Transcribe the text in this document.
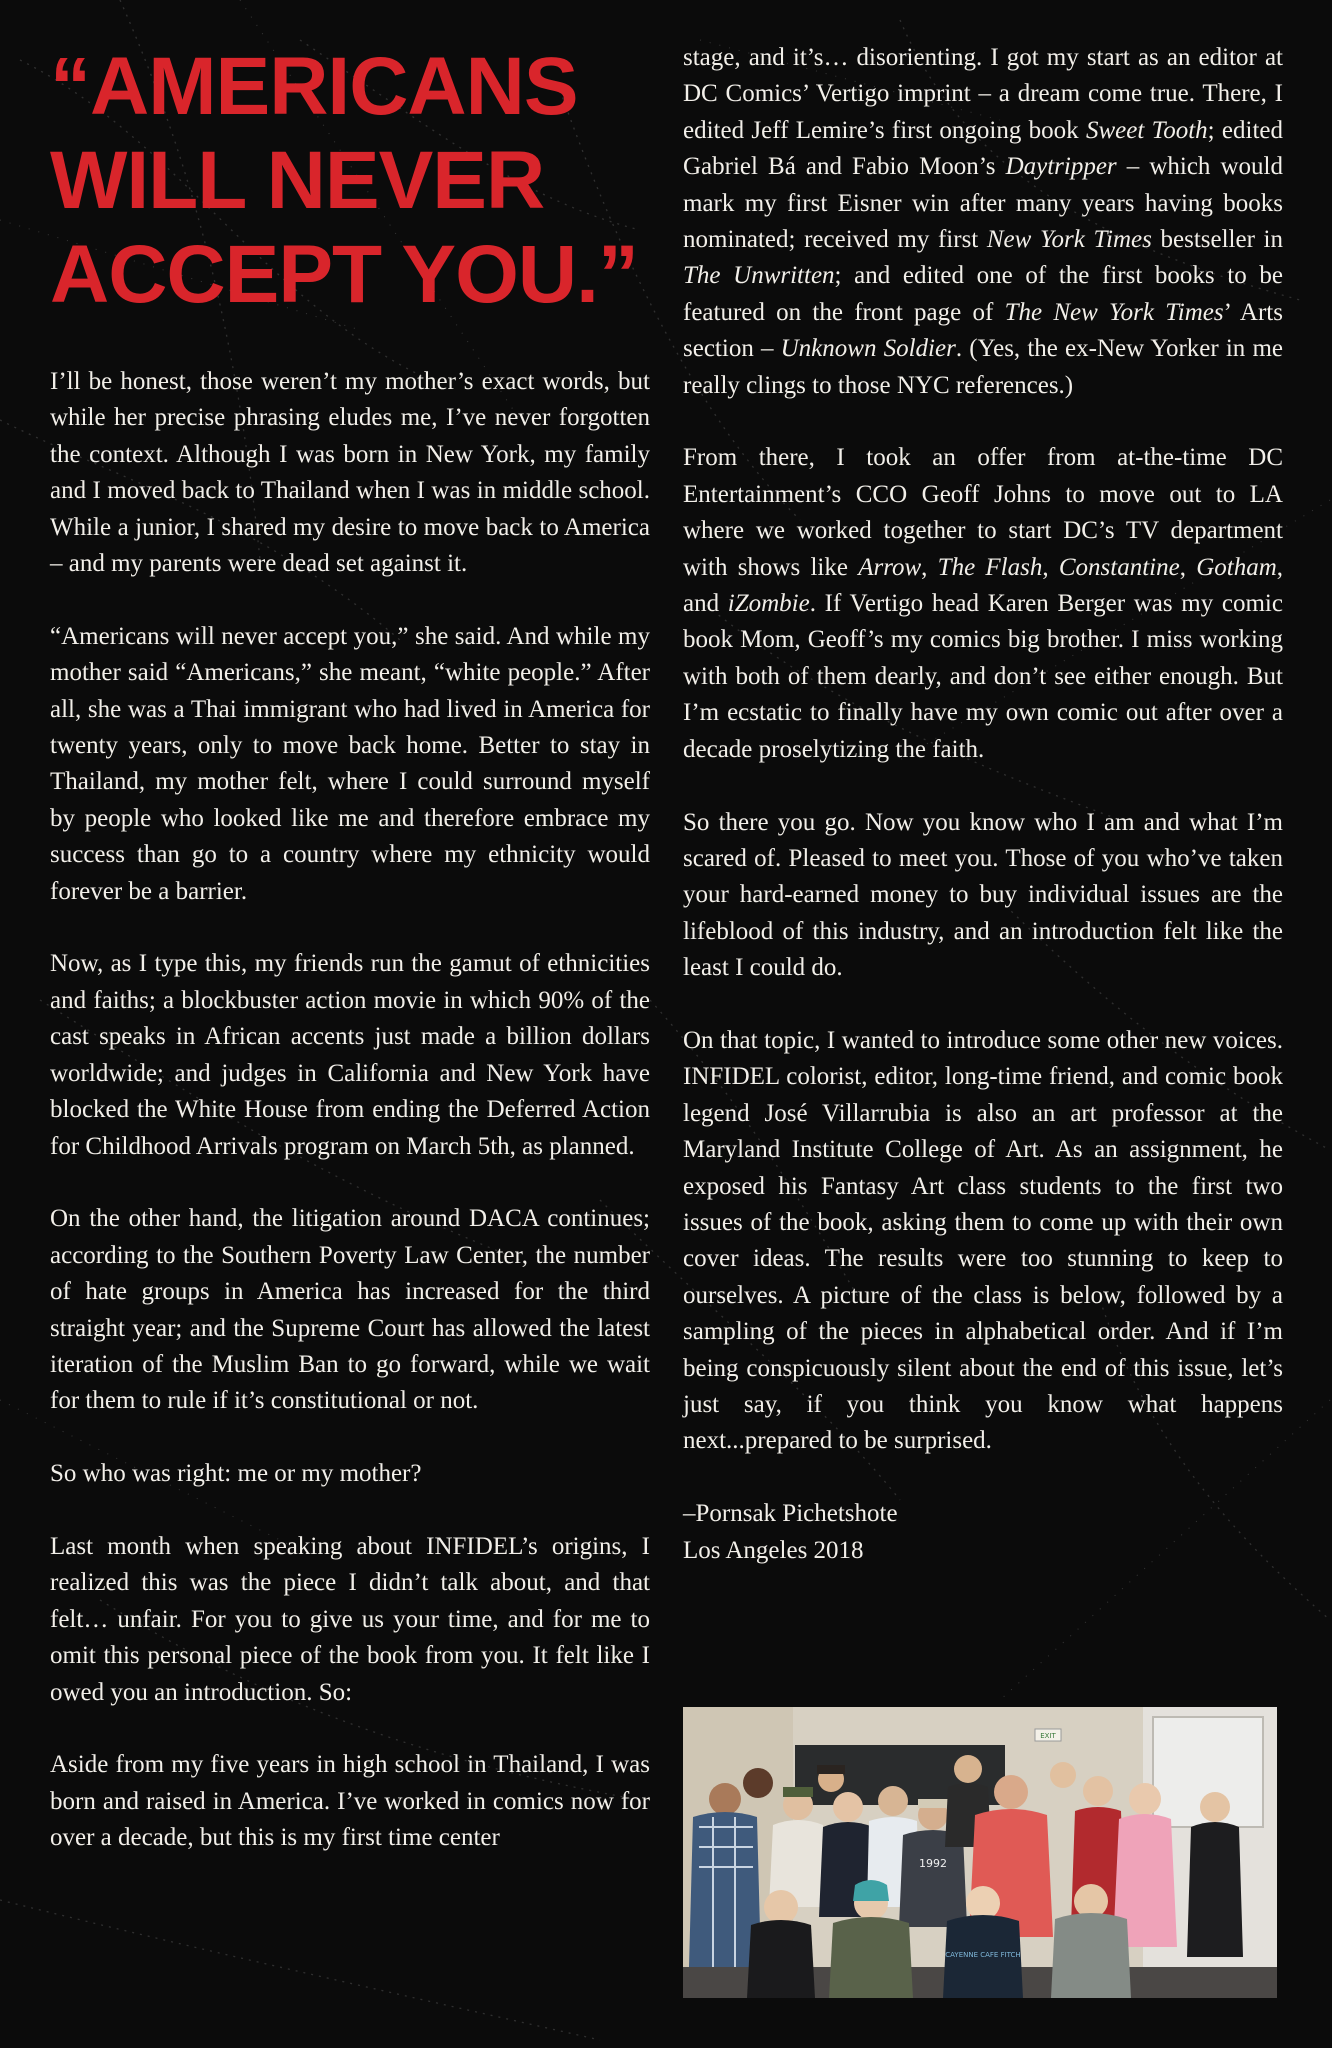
“AMERICANS
WILL NEVER
ACCEPT YOU.”

I’ll be honest, those weren’t my mother’s exact words, but while her precise phrasing eludes me, I’ve never forgotten the context. Although I was born in New York, my family and I moved back to Thailand when I was in middle school. While a junior, I shared my desire to move back to America – and my parents were dead set against it.

“Americans will never accept you,” she said. And while my mother said “Americans,” she meant, “white people.” After all, she was a Thai immigrant who had lived in America for twenty years, only to move back home. Better to stay in Thailand, my mother felt, where I could surround myself by people who looked like me and therefore embrace my success than go to a country where my ethnicity would forever be a barrier.

Now, as I type this, my friends run the gamut of ethnicities and faiths; a blockbuster action movie in which 90% of the cast speaks in African accents just made a billion dollars worldwide; and judges in California and New York have blocked the White House from ending the Deferred Action for Childhood Arrivals program on March 5th, as planned.

On the other hand, the litigation around DACA continues; according to the Southern Poverty Law Center, the number of hate groups in America has increased for the third straight year; and the Supreme Court has allowed the latest iteration of the Muslim Ban to go forward, while we wait for them to rule if it’s constitutional or not.

So who was right: me or my mother?

Last month when speaking about INFIDEL’s origins, I realized this was the piece I didn’t talk about, and that felt… unfair. For you to give us your time, and for me to omit this personal piece of the book from you. It felt like I owed you an introduction. So:

Aside from my five years in high school in Thailand, I was born and raised in America. I’ve worked in comics now for over a decade, but this is my first time center

stage, and it’s… disorienting. I got my start as an editor at DC Comics’ Vertigo imprint – a dream come true. There, I edited Jeff Lemire’s first ongoing book Sweet Tooth; edited Gabriel Bá and Fabio Moon’s Daytripper – which would mark my first Eisner win after many years having books nominated; received my first New York Times bestseller in The Unwritten; and edited one of the first books to be featured on the front page of The New York Times’ Arts section – Unknown Soldier. (Yes, the ex-New Yorker in me really clings to those NYC references.)

From there, I took an offer from at-the-time DC Entertainment’s CCO Geoff Johns to move out to LA where we worked together to start DC’s TV department with shows like Arrow, The Flash, Constantine, Gotham, and iZombie. If Vertigo head Karen Berger was my comic book Mom, Geoff’s my comics big brother. I miss working with both of them dearly, and don’t see either enough. But I’m ecstatic to finally have my own comic out after over a decade proselytizing the faith.

So there you go. Now you know who I am and what I’m scared of. Pleased to meet you. Those of you who’ve taken your hard-earned money to buy individual issues are the lifeblood of this industry, and an introduction felt like the least I could do.

On that topic, I wanted to introduce some other new voices. INFIDEL colorist, editor, long-time friend, and comic book legend José Villarrubia is also an art professor at the Maryland Institute College of Art. As an assignment, he exposed his Fantasy Art class students to the first two issues of the book, asking them to come up with their own cover ideas. The results were too stunning to keep to ourselves. A picture of the class is below, followed by a sampling of the pieces in alphabetical order. And if I’m being conspicuously silent about the end of this issue, let’s just say, if you think you know what happens next...prepared to be surprised.

–Pornsak Pichetshote
Los Angeles 2018
EXIT
1992
CAYENNE CAFE FITCH
